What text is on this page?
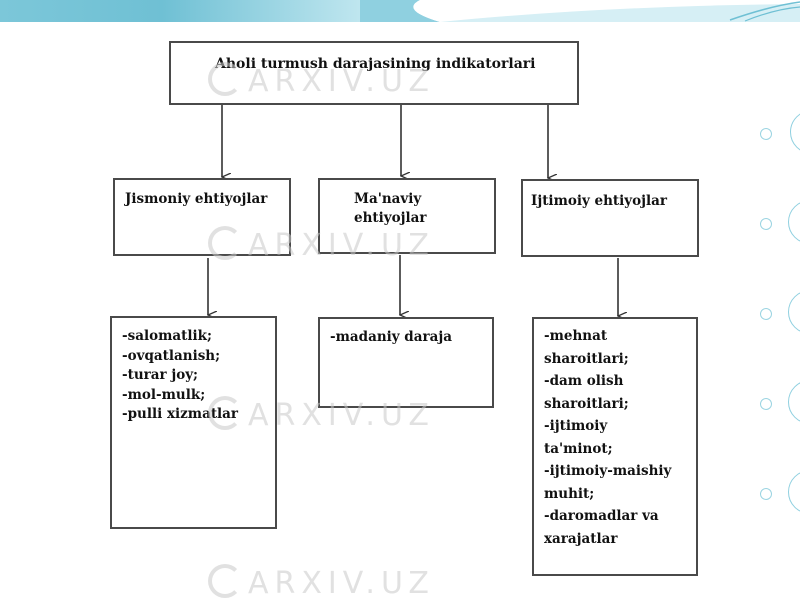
Aholi turmush darajasining indikatorlari
Jismoniy ehtiyojlar	Ma'naviy
ehtiyojlar
Ijtimoiy ehtiyojlar
-salomatlik;
-ovqatlanish;
-turar joy;
-mol-mulk;
-pulli xizmatlar
-madaniy daraja	-mehnat
sharoitlari;
-dam olish
sharoitlari;
-ijtimoiy
ta'minot;
-ijtimoiy-maishiy
muhit;
-daromadlar va
xarajatlar
ARXIV.UZ
ARXIV.UZ
ARXIV.UZ
ARXIV.UZ
